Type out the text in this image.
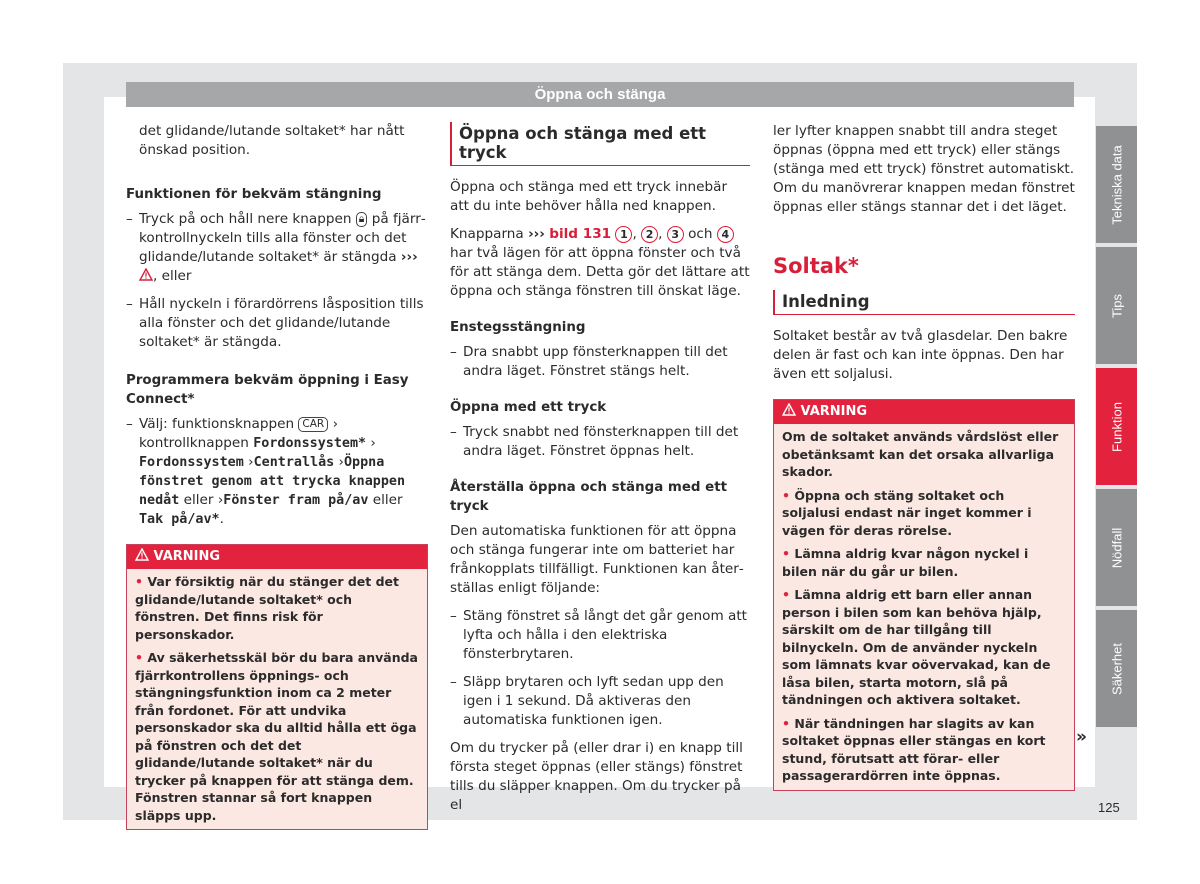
Öppna och stänga

det glidande/lutande soltaket* har nått önskad position.

Funktionen för bekväm stängning
– Tryck på och håll nere knappen 🔒︎ på fjärrkontrollnyckeln tills alla fönster och det glidande/lutande soltaket* är stängda ››› , eller
– Håll nyckeln i förardörrens låsposition tills alla fönster och det glidande/lutande soltaket* är stängda.
Programmera bekväm öppning i Easy Connect*
– Välj: funktionsknappen CAR › kontrollknappen Fordonssystem* › Fordonssystem ›Centrallås ›Öppna fönstret genom att trycka knappen nedåt eller ›Fönster fram på/av eller Tak på/av*.
VARNING

• Var försiktig när du stänger det det glidande/lutande soltaket* och fönstren. Det finns risk för personskador.

• Av säkerhetsskäl bör du bara använda fjärrkontrollens öppnings- och stängningsfunktion inom ca 2 meter från fordonet. För att undvika personskador ska du alltid hålla ett öga på fönstren och det det glidande/lutande soltaket* när du trycker på knappen för att stänga dem. Fönstren stannar så fort knappen släpps upp.

Öppna och stänga med ett tryck

Öppna och stänga med ett tryck innebär att du inte behöver hålla ned knappen.

Knapparna ››› bild 131 1 , 2 , 3 och 4 har två lägen för att öppna fönster och två för att stänga dem. Detta gör det lättare att öppna och stänga fönstren till önskat läge.

Enstegsstängning
– Dra snabbt upp fönsterknappen till det andra läget. Fönstret stängs helt.
Öppna med ett tryck
– Tryck snabbt ned fönsterknappen till det andra läget. Fönstret öppnas helt.
Återställa öppna och stänga med ett tryck

Den automatiska funktionen för att öppna och stänga fungerar inte om batteriet har frånkopplats tillfälligt. Funktionen kan återställas enligt följande:

– Stäng fönstret så långt det går genom att lyfta och hålla i den elektriska fönsterbrytaren.
– Släpp brytaren och lyft sedan upp den igen i 1 sekund. Då aktiveras den automatiska funktionen igen.

Om du trycker på (eller drar i) en knapp till första steget öppnas (eller stängs) fönstret tills du släpper knappen. Om du trycker på el

ler lyfter knappen snabbt till andra steget öppnas (öppna med ett tryck) eller stängs (stänga med ett tryck) fönstret automatiskt. Om du manövrerar knappen medan fönstret öppnas eller stängs stannar det i det läget.

Soltak*
Inledning

Soltaket består av två glasdelar. Den bakre delen är fast och kan inte öppnas. Den har även ett soljalusi.

VARNING

Om de soltaket används vårdslöst eller obetänksamt kan det orsaka allvarliga skador.

• Öppna och stäng soltaket och soljalusi endast när inget kommer i vägen för deras rörelse.

• Lämna aldrig kvar någon nyckel i bilen när du går ur bilen.

• Lämna aldrig ett barn eller annan person i bilen som kan behöva hjälp, särskilt om de har tillgång till bilnyckeln. Om de använder nyckeln som lämnats kvar oövervakad, kan de låsa bilen, starta motorn, slå på tändningen och aktivera soltaket.

• När tändningen har slagits av kan soltaket öppnas eller stängas en kort stund, förutsatt att förar- eller passagerardörren inte öppnas.

»
Tekniska data
Tips
Funktion
Nödfall
Säkerhet
125
